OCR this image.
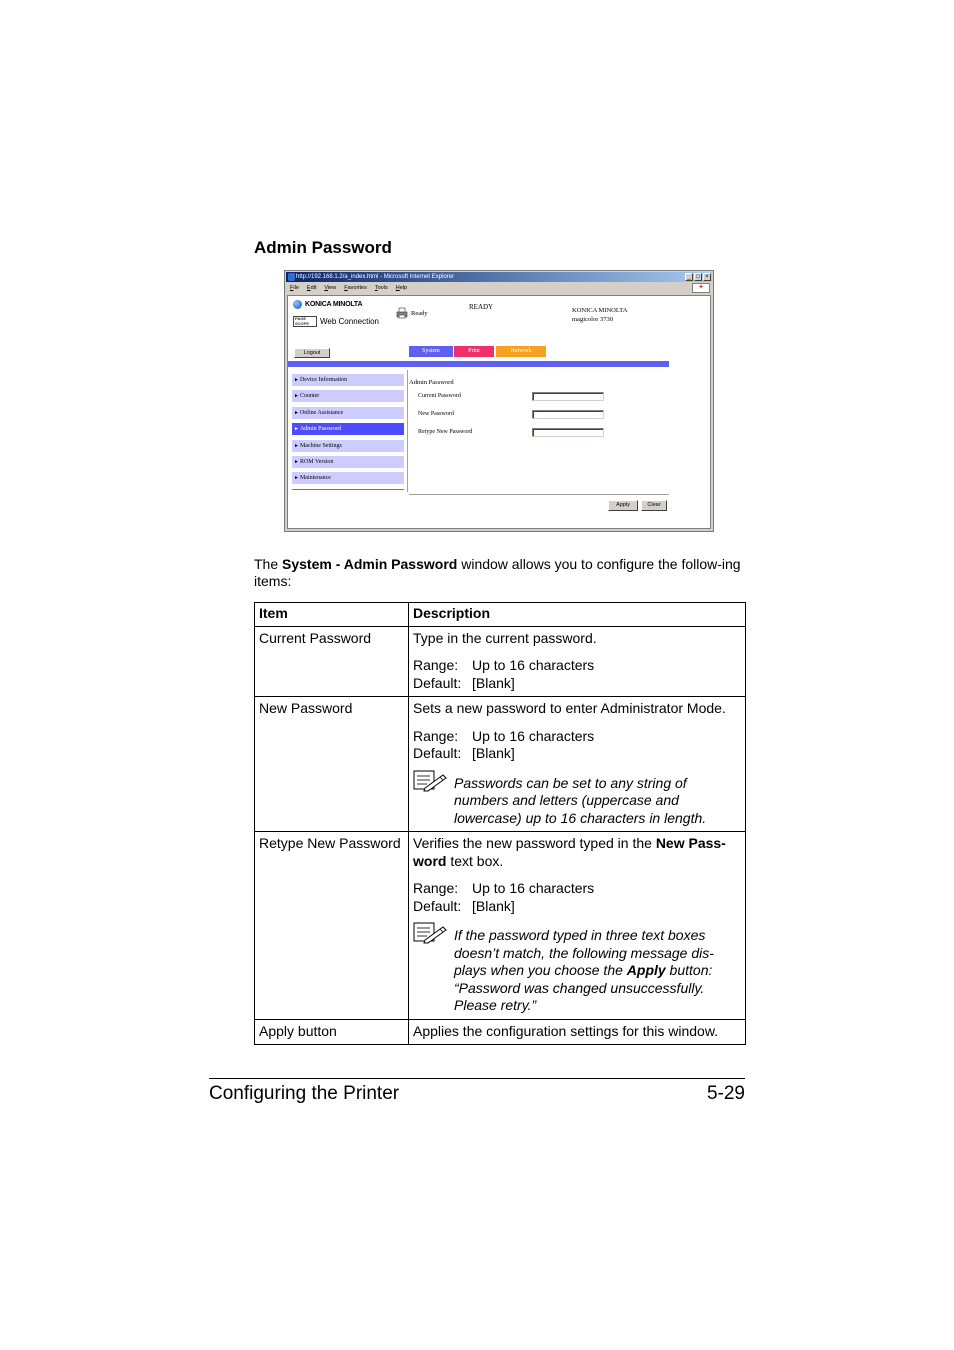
Admin Password
http://192.168.1.2/a_index.html - Microsoft Internet Explorer	_ □ ×
File Edit View Favorites Tools Help	✦
KONICA MINOLTA
PAGE SCOPE	Web Connection
Ready
READY	KONICA MINOLTA
magicolor 3730
Logout	System	Print	Network
►Device Information
►Counter
►Online Assistance
►Admin Password
►Machine Settings
►ROM Version
►Maintenance
Admin Password
Current Password
New Password
Retype New Password
Apply	Clear
The System - Admin Password window allows you to configure the follow-ing items:
Item	Description
Current Password	Type in the current password.

Range: Up to 16 characters

Default: [Blank]

New Password	Sets a new password to enter Administrator Mode.

Range: Up to 16 characters

Default: [Blank]

Passwords can be set to any string of numbers and letters (uppercase and lowercase) up to 16 characters in length.

Retype New Password	Verifies the new password typed in the New Pass-word text box.

Range: Up to 16 characters

Default: [Blank]

If the password typed in three text boxes doesn’t match, the following message dis-plays when you choose the Apply button: “Password was changed unsuccessfully. Please retry.”

Apply button	Applies the configuration settings for this window.
Configuring the Printer	5-29
